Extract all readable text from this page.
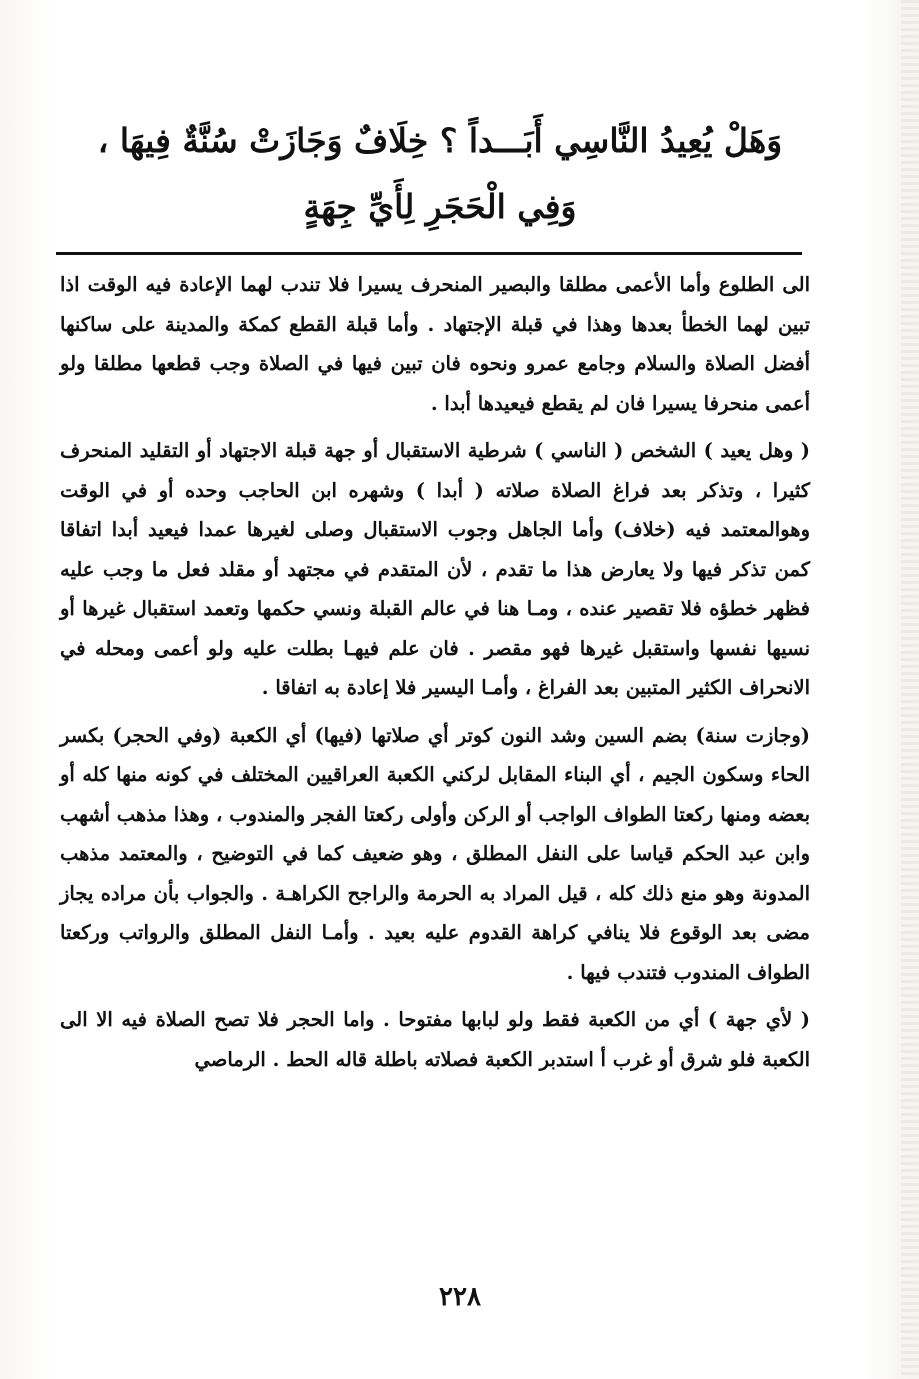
وَهَلْ يُعِيدُ النَّاسِي أَبَـــداً ؟ خِلَافٌ وَجَازَتْ سُنَّةٌ فِيهَا ،
وَفِي الْحَجَرِ لِأَيِّ جِهَةٍ

الى الطلوع وأما الأعمى مطلقا والبصير المنحرف يسيرا فلا تندب لهما الإعادة فيه الوقت اذا تبين لهما الخطأ بعدها وهذا في قبلة الإجتهاد . وأما قبلة القطع كمكة والمدينة على ساكنها أفضل الصلاة والسلام وجامع عمرو ونحوه فان تبين فيها في الصلاة وجب قطعها مطلقا ولو أعمى منحرفا يسيرا فان لم يقطع فيعيدها أبدا .

( وهل يعيد ) الشخص ( الناسي ) شرطية الاستقبال أو جهة قبلة الاجتهاد أو التقليد المنحرف كثيرا ، وتذكر بعد فراغ الصلاة صلاته ( أبدا ) وشهره ابن الحاجب وحده أو في الوقت وهوالمعتمد فيه (خلاف) وأما الجاهل وجوب الاستقبال وصلى لغيرها عمدا فيعيد أبدا اتفاقا كمن تذكر فيها ولا يعارض هذا ما تقدم ، لأن المتقدم في مجتهد أو مقلد فعل ما وجب عليه فظهر خطؤه فلا تقصير عنده ، ومـا هنا في عالم القبلة ونسي حكمها وتعمد استقبال غيرها أو نسيها نفسها واستقبل غيرها فهو مقصر . فان علم فيهـا بطلت عليه ولو أعمى ومحله في الانحراف الكثير المتبين بعد الفراغ ، وأمـا اليسير فلا إعادة به اتفاقا .

(وجازت سنة) بضم السين وشد النون كوتر أي صلاتها (فيها) أي الكعبة (وفي الحجر) بكسر الحاء وسكون الجيم ، أي البناء المقابل لركني الكعبة العراقيين المختلف في كونه منها كله أو بعضه ومنها ركعتا الطواف الواجب أو الركن وأولى ركعتا الفجر والمندوب ، وهذا مذهب أشهب وابن عبد الحكم قياسا على النفل المطلق ، وهو ضعيف كما في التوضيح ، والمعتمد مذهب المدونة وهو منع ذلك كله ، قيل المراد به الحرمة والراجح الكراهـة . والجواب بأن مراده يجاز مضى بعد الوقوع فلا ينافي كراهة القدوم عليه بعيد . وأمـا النفل المطلق والرواتب وركعتا الطواف المندوب فتندب فيها .

( لأي جهة ) أي من الكعبة فقط ولو لبابها مفتوحا . واما الحجر فلا تصح الصلاة فيه الا الى الكعبة فلو شرق أو غرب أ استدبر الكعبة فصلاته باطلة قاله الحط . الرماصي

٢٢٨
